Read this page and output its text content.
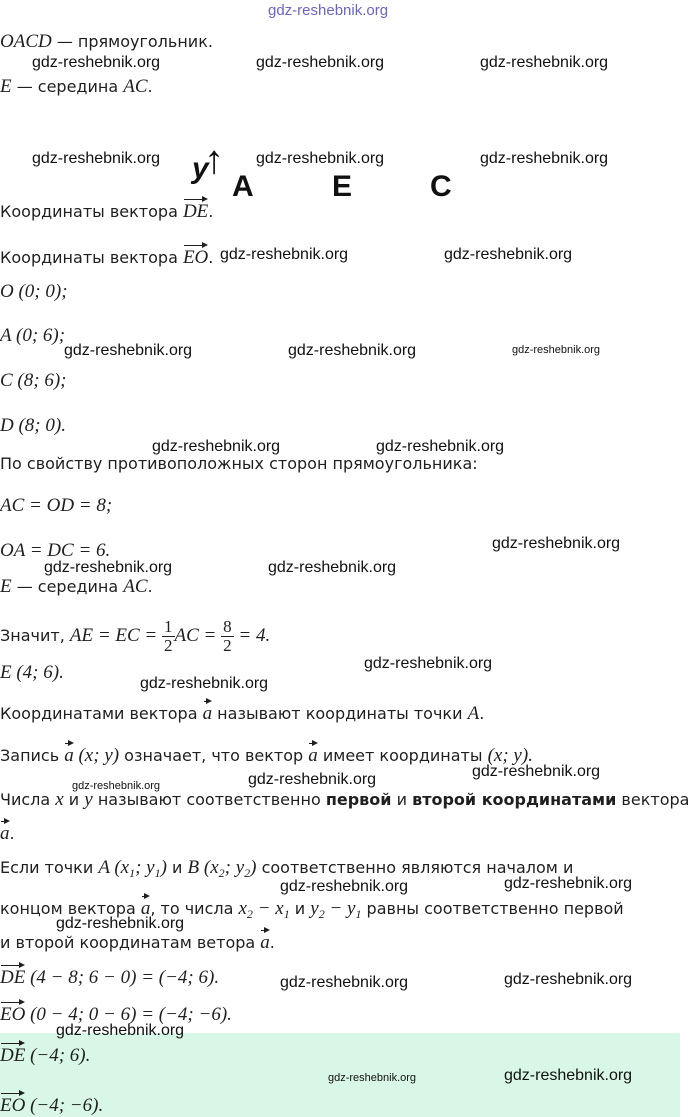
gdz-reshebnik.org
gdz-reshebnik.org	gdz-reshebnik.org	gdz-reshebnik.org
gdz-reshebnik.org	gdz-reshebnik.org	gdz-reshebnik.org
gdz-reshebnik.org	gdz-reshebnik.org
gdz-reshebnik.org	gdz-reshebnik.org	gdz-reshebnik.org
gdz-reshebnik.org	gdz-reshebnik.org
gdz-reshebnik.org
gdz-reshebnik.org	gdz-reshebnik.org
gdz-reshebnik.org
gdz-reshebnik.org
gdz-reshebnik.org	gdz-reshebnik.org	gdz-reshebnik.org
gdz-reshebnik.org	gdz-reshebnik.org
gdz-reshebnik.org
gdz-reshebnik.org	gdz-reshebnik.org
gdz-reshebnik.org
gdz-reshebnik.org	gdz-reshebnik.org
OACD — прямоугольник.
E — середина AC.
y
↑
A	E	C
Координаты вектора DE.
Координаты вектора EO.
O (0; 0);
A (0; 6);
C (8; 6);
D (8; 0).
По свойству противоположных сторон прямоугольника:
AC = OD = 8;
OA = DC = 6.
E — середина AC.
Значит, AE = EC = $\frac{1}{2}$ AC = $\frac{8}{2} = 4$.
E (4; 6).
Координатами вектора a называют координаты точки A.
Запись a (x; y) означает, что вектор a имеет координаты (x; y).
Числа x и y называют соответственно первой и второй координатами вектора
a.
Если точки A ($x_1$; $y_1$) и B ($x_2$; $y_2$) соответственно являются началом и
концом вектора a, то числа $x_2 - x_1$ и $y_2 - y_1$ равны соответственно первой
и второй координатам ветора a.
DE (4 − 8; 6 − 0) = (−4; 6).
EO (0 − 4; 0 − 6) = (−4; −6).
DE (−4; 6).
EO (−4; −6).
